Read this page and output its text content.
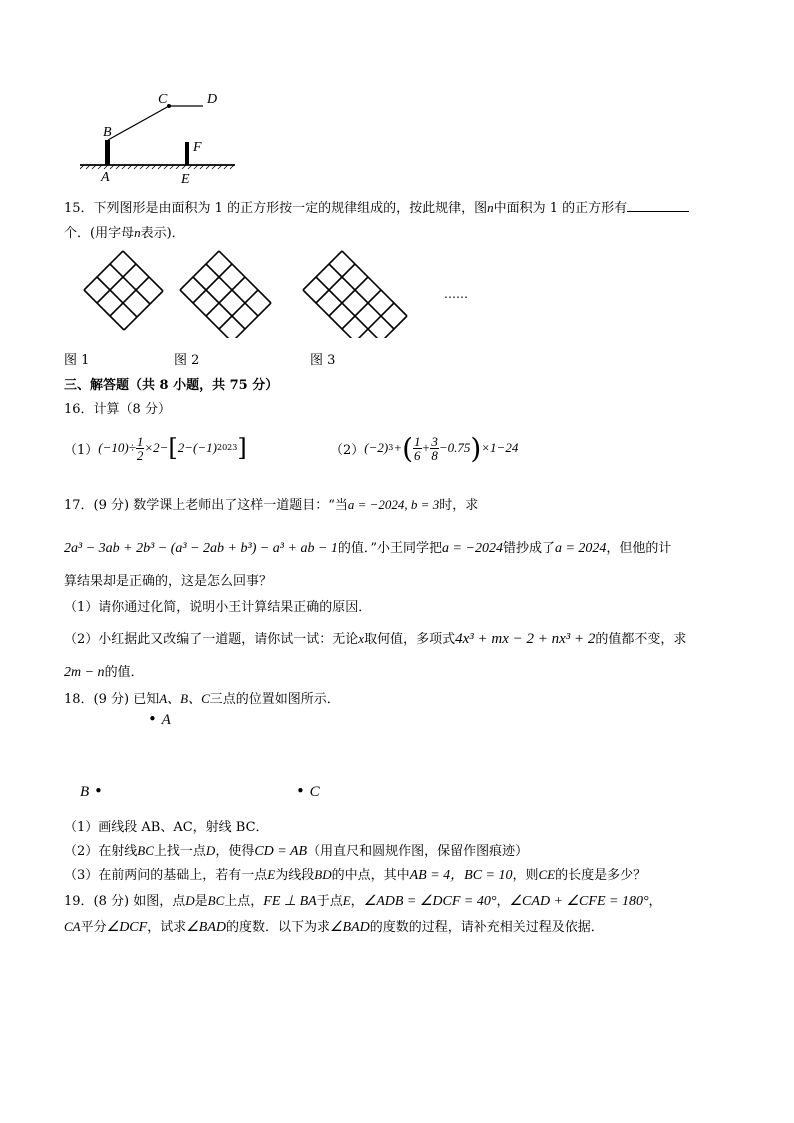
A
B
C	D
E
F
15．下列图形是由面积为 1 的正方形按一定的规律组成的，按此规律，图n中面积为 1 的正方形有
个．(用字母n表示)．
……
图 1	图 2	图 3
三、解答题（共 8 小题，共 75 分）
16．计算（8 分）
（1） $(-10)\div \frac{1}{2} \times 2-$ [ 2−(−1) 2023 ]	（2） (−2) 3 + ( $\frac{1}{6} + \frac{3}{8} -0.75$ ) ×1−24
17．(9 分) 数学课上老师出了这样一道题目：“当a = −2024, b = 3时，求
2a³ − 3ab + 2b³ − (a³ − 2ab + b³) − a³ + ab − 1的值．”小王同学把a = −2024错抄成了a = 2024，但他的计
算结果却是正确的，这是怎么回事？
（1）请你通过化简，说明小王计算结果正确的原因．
（2）小红据此又改编了一道题，请你试一试：无论x取何值，多项式4x³ + mx − 2 + nx³ + 2的值都不变，求
2m − n的值．
18．(9 分) 已知A、B、C三点的位置如图所示．
• A
B •	• C
（1）画线段 AB、AC，射线 BC．
（2）在射线BC上找一点D，使得CD = AB（用直尺和圆规作图，保留作图痕迹）
（3）在前两问的基础上，若有一点E为线段BD的中点，其中AB = 4，BC = 10，则CE的长度是多少？
19．(8 分) 如图，点D是BC上点，FE ⊥ BA于点E，∠ADB = ∠DCF = 40°，∠CAD + ∠CFE = 180°，
CA平分∠DCF，试求∠BAD的度数．以下为求∠BAD的度数的过程，请补充相关过程及依据．
